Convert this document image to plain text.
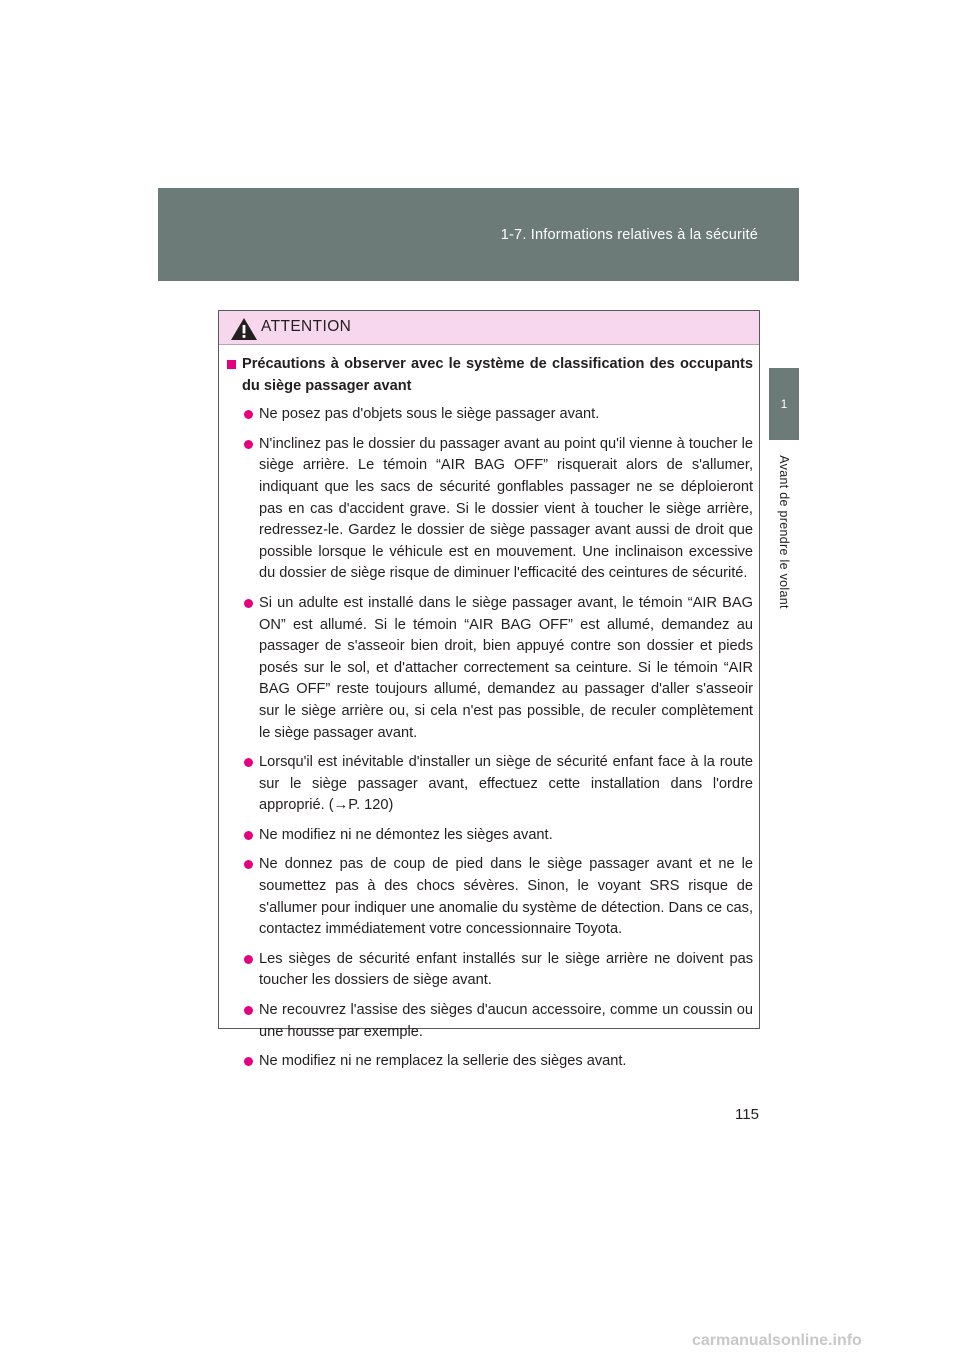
1-7. Informations relatives à la sécurité
1
Avant de prendre le volant
ATTENTION
Précautions à observer avec le système de classification des occupants du siège passager avant
Ne posez pas d'objets sous le siège passager avant.
N'inclinez pas le dossier du passager avant au point qu'il vienne à toucher le siège arrière. Le témoin “AIR BAG OFF” risquerait alors de s'allumer, indiquant que les sacs de sécurité gonflables passager ne se déploieront pas en cas d'accident grave. Si le dossier vient à toucher le siège arrière, redressez-le. Gardez le dossier de siège passager avant aussi de droit que possible lorsque le véhicule est en mouvement. Une inclinaison excessive du dossier de siège risque de diminuer l'efficacité des ceintures de sécurité.
Si un adulte est installé dans le siège passager avant, le témoin “AIR BAG ON” est allumé. Si le témoin “AIR BAG OFF” est allumé, demandez au passager de s'asseoir bien droit, bien appuyé contre son dossier et pieds posés sur le sol, et d'attacher correctement sa ceinture. Si le témoin “AIR BAG OFF” reste toujours allumé, demandez au passager d'aller s'asseoir sur le siège arrière ou, si cela n'est pas possible, de reculer complètement le siège passager avant.
Lorsqu'il est inévitable d'installer un siège de sécurité enfant face à la route sur le siège passager avant, effectuez cette installation dans l'ordre approprié. (→P. 120)
Ne modifiez ni ne démontez les sièges avant.
Ne donnez pas de coup de pied dans le siège passager avant et ne le soumettez pas à des chocs sévères. Sinon, le voyant SRS risque de s'allumer pour indiquer une anomalie du système de détection. Dans ce cas, contactez immédiatement votre concessionnaire Toyota.
Les sièges de sécurité enfant installés sur le siège arrière ne doivent pas toucher les dossiers de siège avant.
Ne recouvrez l'assise des sièges d'aucun accessoire, comme un coussin ou une housse par exemple.
Ne modifiez ni ne remplacez la sellerie des sièges avant.
115
carmanualsonline.info
